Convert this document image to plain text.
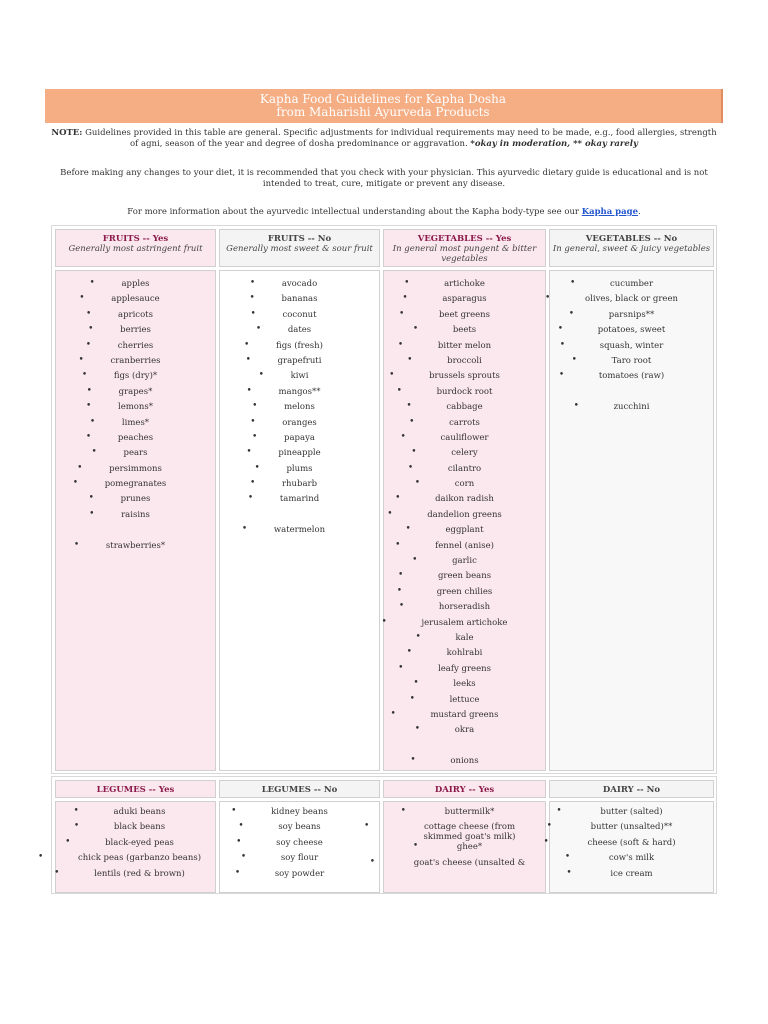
Kapha Food Guidelines for Kapha Dosha
from Maharishi Ayurveda Products
NOTE: Guidelines provided in this table are general. Specific adjustments for individual requirements may need to be made, e.g., food allergies, strength of agni, season of the year and degree of dosha predominance or aggravation. *okay in moderation, ** okay rarely
Before making any changes to your diet, it is recommended that you check with your physician. This ayurvedic dietary guide is educational and is not intended to treat, cure, mitigate or prevent any disease.
For more information about the ayurvedic intellectual understanding about the Kapha body-type see our Kapha page.
FRUITS -- Yes
Generally most astringent fruit
FRUITS -- No
Generally most sweet & sour fruit
VEGETABLES -- Yes
In general most pungent & bitter vegetables
VEGETABLES -- No
In general, sweet & juicy vegetables
•	apples
•	applesauce
•	apricots
•	berries
•	cherries
•	cranberries
•	figs (dry)*
•	grapes*
•	lemons*
•	limes*
•	peaches
•	pears
•	persimmons
•	pomegranates
•	prunes
•	raisins
•	strawberries*
•	avocado
•	bananas
•	coconut
•	dates
•	figs (fresh)
•	grapefruti
•	kiwi
•	mangos**
•	melons
•	oranges
•	papaya
•	pineapple
•	plums
•	rhubarb
•	tamarind
•	watermelon
•	artichoke
•	asparagus
•	beet greens
•	beets
•	bitter melon
•	broccoli
•	brussels sprouts
•	burdock root
•	cabbage
•	carrots
•	cauliflower
•	celery
•	cilantro
•	corn
•	daikon radish
•	dandelion greens
•	eggplant
•	fennel (anise)
•	garlic
•	green beans
•	green chilies
•	horseradish
•	jerusalem artichoke
•	kale
•	kohlrabi
•	leafy greens
•	leeks
•	lettuce
•	mustard greens
•	okra
•	onions
•	cucumber
•	olives, black or green
•	parsnips**
•	potatoes, sweet
•	squash, winter
•	Taro root
•	tomatoes (raw)
•	zucchini
LEGUMES -- Yes	LEGUMES -- No	DAIRY -- Yes	DAIRY -- No
•	aduki beans
•	black beans
•	black-eyed peas
•	chick peas (garbanzo beans)
•	lentils (red & brown)
•	kidney beans
•	soy beans
•	soy cheese
•	soy flour
•	soy powder
•	buttermilk*
•	cottage cheese (from skimmed goat's milk)
•	ghee*
•	goat's cheese (unsalted &
•	butter (salted)
•	butter (unsalted)**
•	cheese (soft & hard)
•	cow's milk
•	ice cream
